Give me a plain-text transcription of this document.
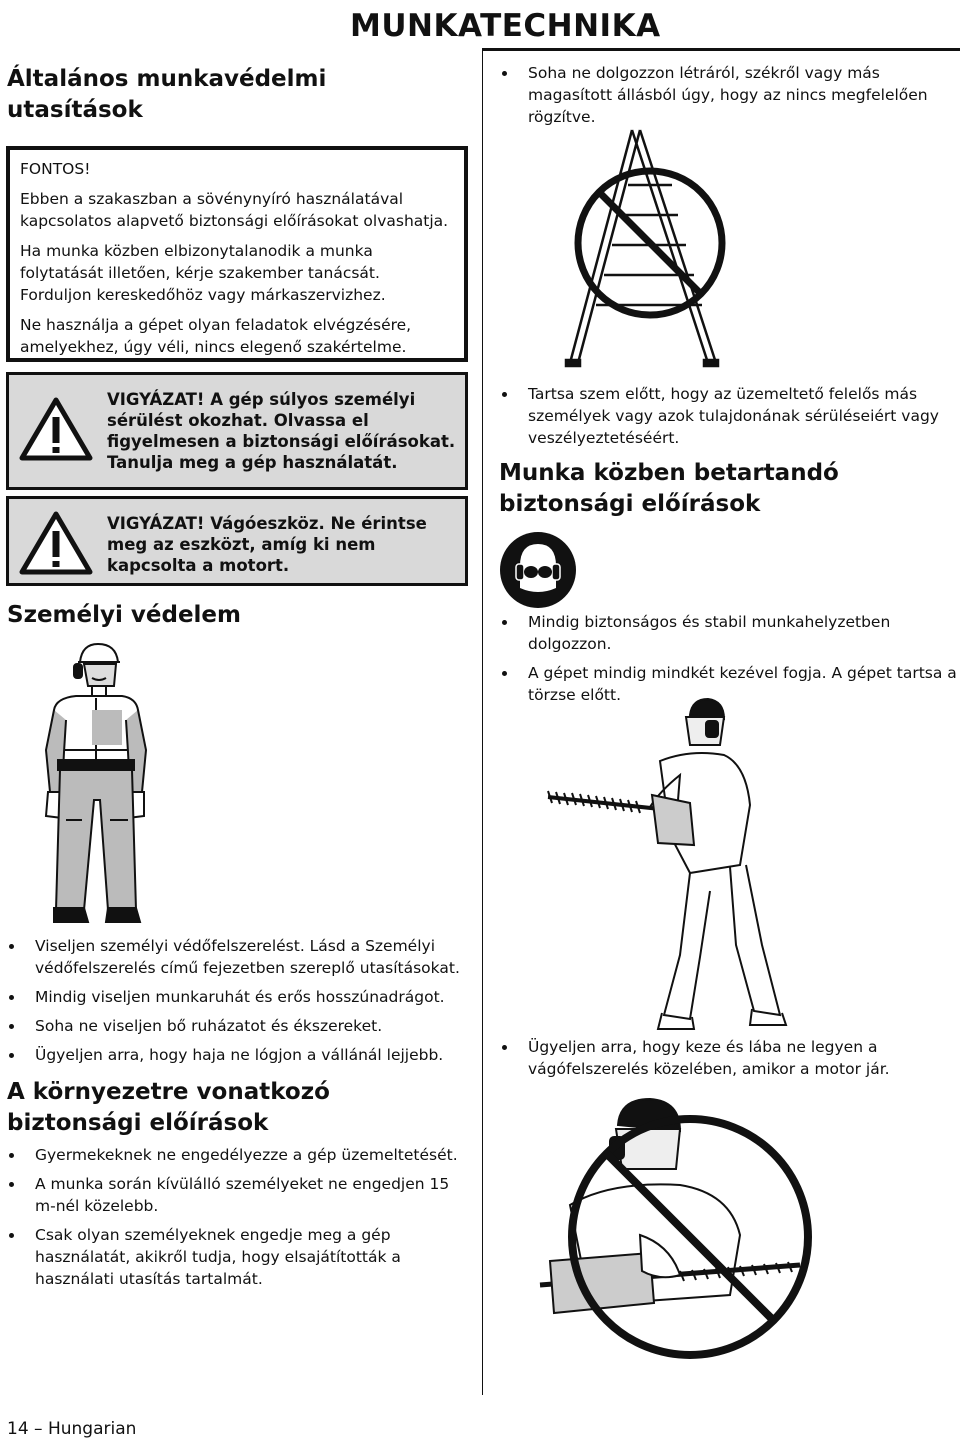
MUNKATECHNIKA
Általános munkavédelmi utasítások

FONTOS!

Ebben a szakaszban a sövénynyíró használatával kapcsolatos alapvető biztonsági előírásokat olvashatja.

Ha munka közben elbizonytalanodik a munka folytatását illetően, kérje szakember tanácsát. Forduljon kereskedőhöz vagy márkaszervizhez.

Ne használja a gépet olyan feladatok elvégzésére, amelyekhez, úgy véli, nincs elegenő szakértelme.

VIGYÁZAT! A gép súlyos személyi sérülést okozhat. Olvassa el figyelmesen a biztonsági előírásokat. Tanulja meg a gép használatát.
VIGYÁZAT! Vágóeszköz. Ne érintse meg az eszközt, amíg ki nem kapcsolta a motort.
Személyi védelem
Viseljen személyi védőfelszerelést. Lásd a Személyi védőfelszerelés című fejezetben szereplő utasításokat.
Mindig viseljen munkaruhát és erős hosszúnadrágot.
Soha ne viseljen bő ruházatot és ékszereket.
Ügyeljen arra, hogy haja ne lógjon a vállánál lejjebb.
A környezetre vonatkozó biztonsági előírások
Gyermekeknek ne engedélyezze a gép üzemeltetését.
A munka során kívülálló személyeket ne engedjen 15 m-nél közelebb.
Csak olyan személyeknek engedje meg a gép használatát, akikről tudja, hogy elsajátították a használati utasítás tartalmát.
Soha ne dolgozzon létráról, székről vagy más magasított állásból úgy, hogy az nincs megfelelően rögzítve.
Tartsa szem előtt, hogy az üzemeltető felelős más személyek vagy azok tulajdonának sérüléseiért vagy veszélyeztetéséért.
Munka közben betartandó biztonsági előírások
Mindig biztonságos és stabil munkahelyzetben dolgozzon.
A gépet mindig mindkét kezével fogja. A gépet tartsa a törzse előtt.
Ügyeljen arra, hogy keze és lába ne legyen a vágófelszerelés közelében, amikor a motor jár.
14 – Hungarian
